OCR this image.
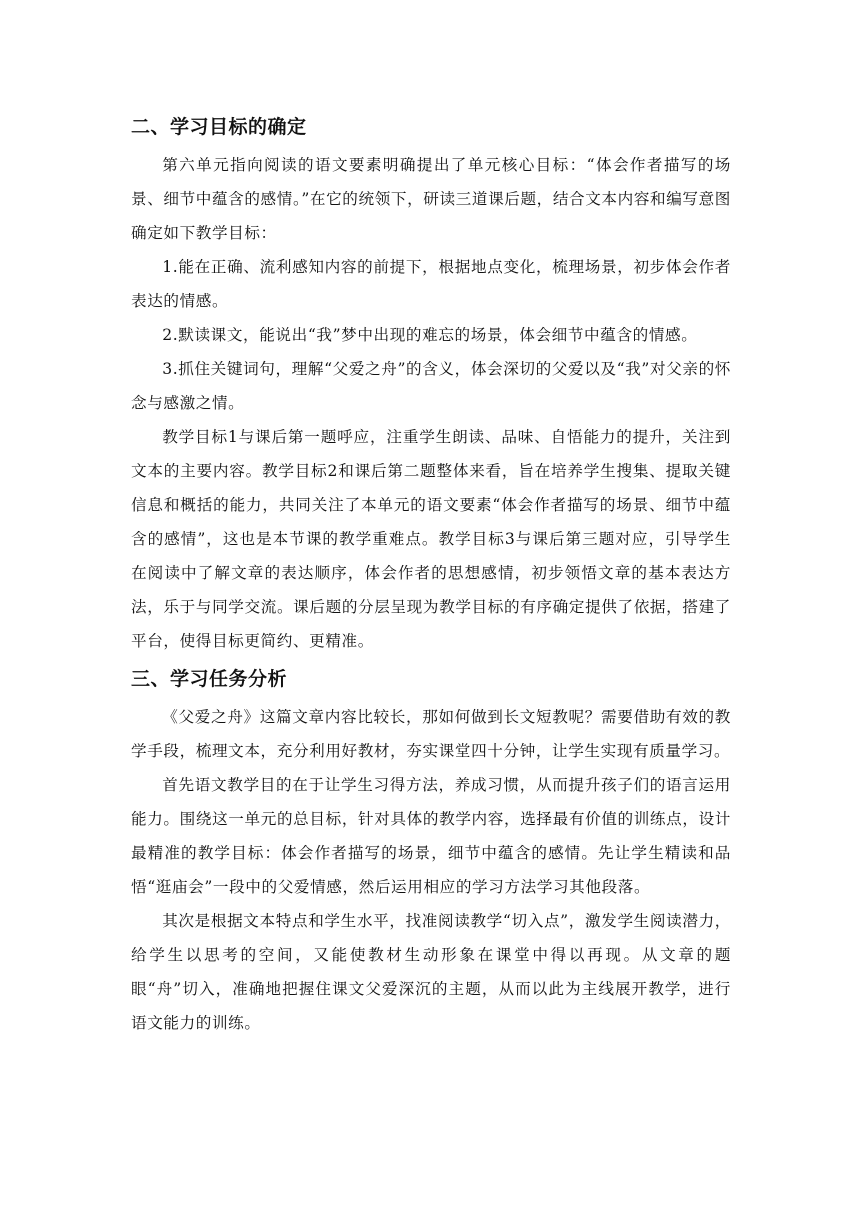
二、学习目标的确定

第六单元指向阅读的语文要素明确提出了单元核心目标：“体会作者描写的场景、细节中蕴含的感情。”在它的统领下，研读三道课后题，结合文本内容和编写意图确定如下教学目标：

1.能在正确、流利感知内容的前提下，根据地点变化，梳理场景，初步体会作者表达的情感。

2.默读课文，能说出“我”梦中出现的难忘的场景，体会细节中蕴含的情感。

3.抓住关键词句，理解“父爱之舟”的含义，体会深切的父爱以及“我”对父亲的怀念与感激之情。

教学目标1与课后第一题呼应，注重学生朗读、品味、自悟能力的提升，关注到文本的主要内容。教学目标2和课后第二题整体来看，旨在培养学生搜集、提取关键信息和概括的能力，共同关注了本单元的语文要素“体会作者描写的场景、细节中蕴含的感情”，这也是本节课的教学重难点。教学目标3与课后第三题对应，引导学生在阅读中了解文章的表达顺序，体会作者的思想感情，初步领悟文章的基本表达方法，乐于与同学交流。课后题的分层呈现为教学目标的有序确定提供了依据，搭建了平台，使得目标更简约、更精准。

三、学习任务分析

《父爱之舟》这篇文章内容比较长，那如何做到长文短教呢？需要借助有效的教学手段，梳理文本，充分利用好教材，夯实课堂四十分钟，让学生实现有质量学习。

首先语文教学目的在于让学生习得方法，养成习惯，从而提升孩子们的语言运用能力。围绕这一单元的总目标，针对具体的教学内容，选择最有价值的训练点，设计最精准的教学目标：体会作者描写的场景，细节中蕴含的感情。先让学生精读和品悟“逛庙会”一段中的父爱情感，然后运用相应的学习方法学习其他段落。

其次是根据文本特点和学生水平，找准阅读教学“切入点”，激发学生阅读潜力，给学生以思考的空间，又能使教材生动形象在课堂中得以再现。从文章的题眼“舟”切入，准确地把握住课文父爱深沉的主题，从而以此为主线展开教学，进行语文能力的训练。
